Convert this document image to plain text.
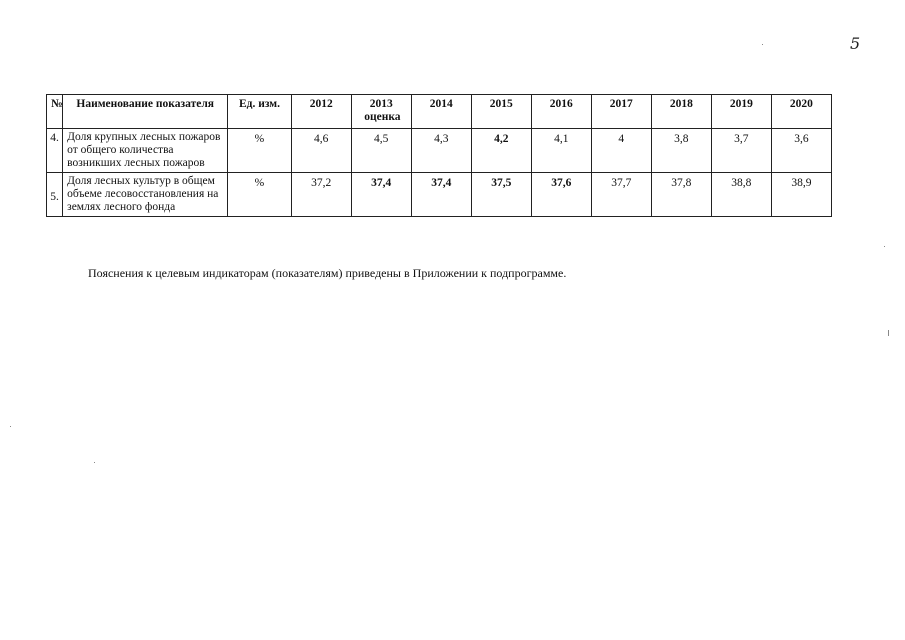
5
№	Наименование показателя	Ед. изм.	2012	2013 оценка	2014	2015	2016	2017	2018	2019	2020
4.	Доля крупных лесных пожаров от общего количества возникших лесных пожаров	%	4,6	4,5	4,3	4,2	4,1	4	3,8	3,7	3,6
5.	Доля лесных культур в общем объеме лесовосстановления на землях лесного фонда	%	37,2	37,4	37,4	37,5	37,6	37,7	37,8	38,8	38,9
Пояснения к целевым индикаторам (показателям) приведены в Приложении к подпрограмме.
